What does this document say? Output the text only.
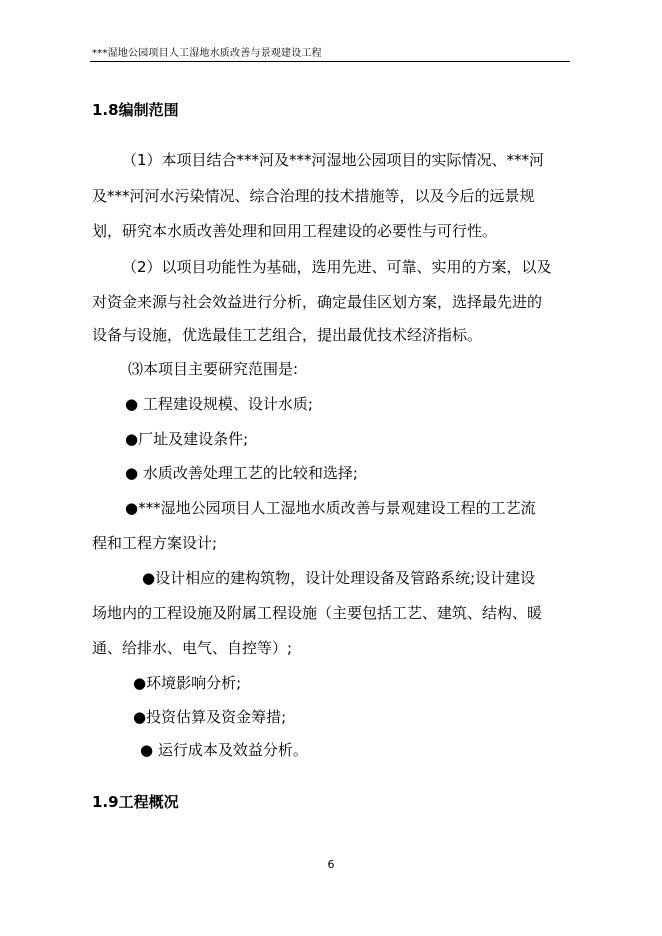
***湿地公园项目人工湿地水质改善与景观建设工程
1.8编制范围
（1）本项目结合***河及***河湿地公园项目的实际情况、***河
及***河河水污染情况、综合治理的技术措施等，以及今后的远景规
划，研究本水质改善处理和回用工程建设的必要性与可行性。
（2）以项目功能性为基础，选用先进、可靠、实用的方案，以及
对资金来源与社会效益进行分析，确定最佳区划方案，选择最先进的
设备与设施，优选最佳工艺组合，提出最优技术经济指标。
⑶本项目主要研究范围是:
● 工程建设规模、设计水质;
●厂址及建设条件;
● 水质改善处理工艺的比较和选择;
●***湿地公园项目人工湿地水质改善与景观建设工程的工艺流
程和工程方案设计;
●设计相应的建构筑物，设计处理设备及管路系统;设计建设
场地内的工程设施及附属工程设施（主要包括工艺、建筑、结构、暖
通、给排水、电气、自控等）;
●环境影响分析;
●投资估算及资金筹措;
● 运行成本及效益分析。
1.9工程概况
6
